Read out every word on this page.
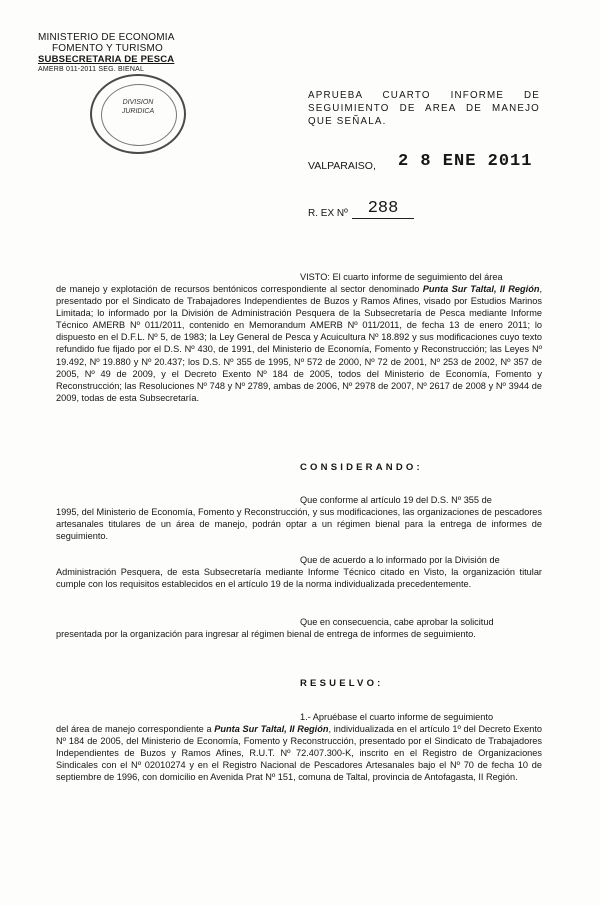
MINISTERIO DE ECONOMIA
FOMENTO Y TURISMO
SUBSECRETARIA DE PESCA
AMERB 011-2011 SEG. BIENAL
DIVISION
JURIDICA
APRUEBA CUARTO INFORME DE SEGUIMIENTO DE AREA DE MANEJO QUE SEÑALA.
VALPARAISO, 2 8 ENE 2011
R. EX Nº	288
VISTO: El cuarto informe de seguimiento del área
de manejo y explotación de recursos bentónicos correspondiente al sector denominado Punta Sur Taltal, II Región, presentado por el Sindicato de Trabajadores Independientes de Buzos y Ramos Afines, visado por Estudios Marinos Limitada; lo informado por la División de Administración Pesquera de la Subsecretaría de Pesca mediante Informe Técnico AMERB Nº 011/2011, contenido en Memorandum AMERB Nº 011/2011, de fecha 13 de enero 2011; lo dispuesto en el D.F.L. Nº 5, de 1983; la Ley General de Pesca y Acuicultura Nº 18.892 y sus modificaciones cuyo texto refundido fue fijado por el D.S. Nº 430, de 1991, del Ministerio de Economía, Fomento y Reconstrucción; las Leyes Nº 19.492, Nº 19.880 y Nº 20.437; los D.S. Nº 355 de 1995, Nº 572 de 2000, Nº 72 de 2001, Nº 253 de 2002, Nº 357 de 2005, Nº 49 de 2009, y el Decreto Exento Nº 184 de 2005, todos del Ministerio de Economía, Fomento y Reconstrucción; las Resoluciones Nº 748 y Nº 2789, ambas de 2006, Nº 2978 de 2007, Nº 2617 de 2008 y Nº 3944 de 2009, todas de esta Subsecretaría.
CONSIDERANDO:
Que conforme al artículo 19 del D.S. Nº 355 de
1995, del Ministerio de Economía, Fomento y Reconstrucción, y sus modificaciones, las organizaciones de pescadores artesanales titulares de un área de manejo, podrán optar a un régimen bienal para la entrega de informes de seguimiento.
Que de acuerdo a lo informado por la División de
Administración Pesquera, de esta Subsecretaría mediante Informe Técnico citado en Visto, la organización titular cumple con los requisitos establecidos en el artículo 19 de la norma individualizada precedentemente.
Que en consecuencia, cabe aprobar la solicitud
presentada por la organización para ingresar al régimen bienal de entrega de informes de seguimiento.
RESUELVO:
1.- Apruébase el cuarto informe de seguimiento
del área de manejo correspondiente a Punta Sur Taltal, II Región, individualizada en el artículo 1º del Decreto Exento Nº 184 de 2005, del Ministerio de Economía, Fomento y Reconstrucción, presentado por el Sindicato de Trabajadores Independientes de Buzos y Ramos Afines, R.U.T. Nº 72.407.300-K, inscrito en el Registro de Organizaciones Sindicales con el Nº 02010274 y en el Registro Nacional de Pescadores Artesanales bajo el Nº 70 de fecha 10 de septiembre de 1996, con domicilio en Avenida Prat Nº 151, comuna de Taltal, provincia de Antofagasta, II Región.
